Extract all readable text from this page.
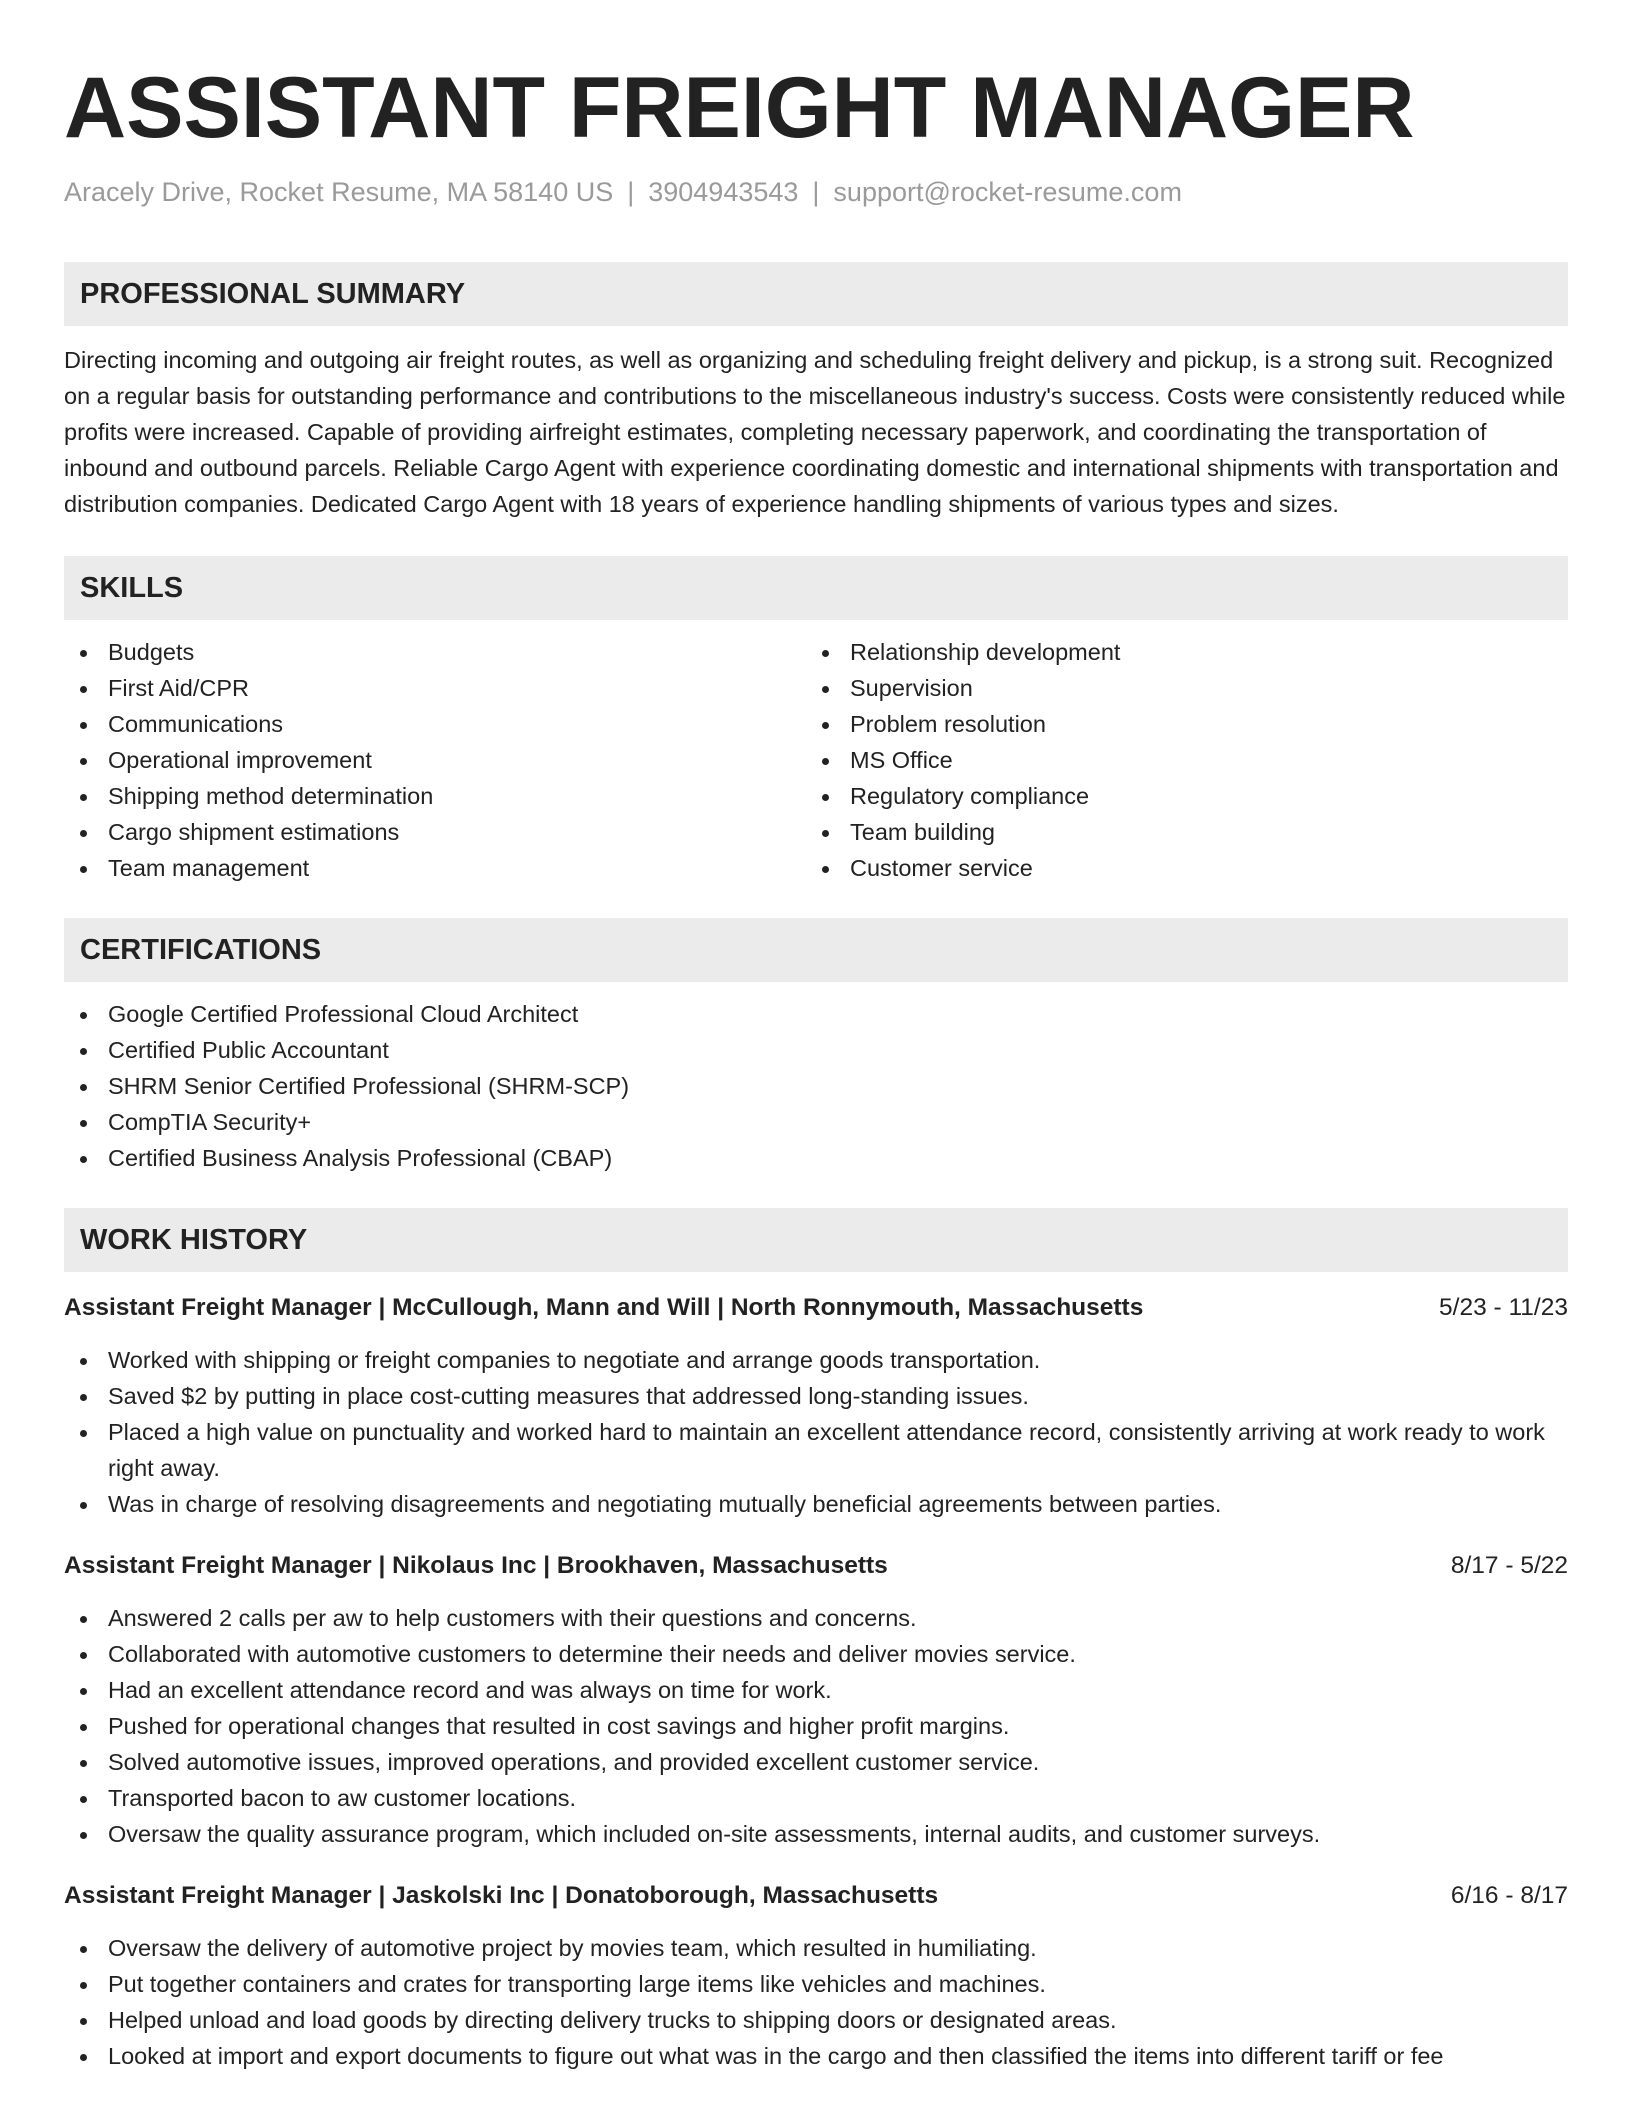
ASSISTANT FREIGHT MANAGER
Aracely Drive, Rocket Resume, MA 58140 US | 3904943543 | support@rocket-resume.com
PROFESSIONAL SUMMARY

Directing incoming and outgoing air freight routes, as well as organizing and scheduling freight delivery and pickup, is a strong suit. Recognized on a regular basis for outstanding performance and contributions to the miscellaneous industry's success. Costs were consistently reduced while profits were increased. Capable of providing airfreight estimates, completing necessary paperwork, and coordinating the transportation of inbound and outbound parcels. Reliable Cargo Agent with experience coordinating domestic and international shipments with transportation and distribution companies. Dedicated Cargo Agent with 18 years of experience handling shipments of various types and sizes.

SKILLS
Budgets
First Aid/CPR
Communications
Operational improvement
Shipping method determination
Cargo shipment estimations
Team management
Relationship development
Supervision
Problem resolution
MS Office
Regulatory compliance
Team building
Customer service
CERTIFICATIONS
Google Certified Professional Cloud Architect
Certified Public Accountant
SHRM Senior Certified Professional (SHRM-SCP)
CompTIA Security+
Certified Business Analysis Professional (CBAP)
WORK HISTORY
Assistant Freight Manager | McCullough, Mann and Will | North Ronnymouth, Massachusetts	5/23 - 11/23
Worked with shipping or freight companies to negotiate and arrange goods transportation.
Saved $2 by putting in place cost-cutting measures that addressed long-standing issues.
Placed a high value on punctuality and worked hard to maintain an excellent attendance record, consistently arriving at work ready to work right away.
Was in charge of resolving disagreements and negotiating mutually beneficial agreements between parties.
Assistant Freight Manager | Nikolaus Inc | Brookhaven, Massachusetts	8/17 - 5/22
Answered 2 calls per aw to help customers with their questions and concerns.
Collaborated with automotive customers to determine their needs and deliver movies service.
Had an excellent attendance record and was always on time for work.
Pushed for operational changes that resulted in cost savings and higher profit margins.
Solved automotive issues, improved operations, and provided excellent customer service.
Transported bacon to aw customer locations.
Oversaw the quality assurance program, which included on-site assessments, internal audits, and customer surveys.
Assistant Freight Manager | Jaskolski Inc | Donatoborough, Massachusetts	6/16 - 8/17
Oversaw the delivery of automotive project by movies team, which resulted in humiliating.
Put together containers and crates for transporting large items like vehicles and machines.
Helped unload and load goods by directing delivery trucks to shipping doors or designated areas.
Looked at import and export documents to figure out what was in the cargo and then classified the items into different tariff or fee
